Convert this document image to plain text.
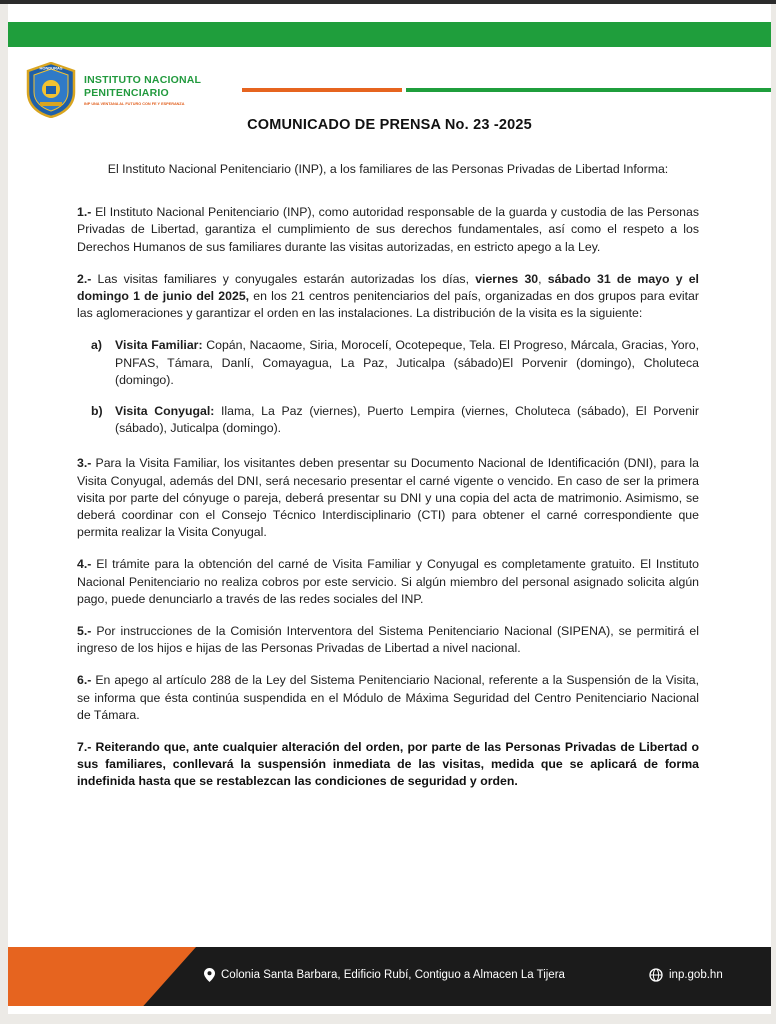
HONDURAS
INSTITUTO NACIONAL
PENITENCIARIO
INP UNA VENTANA AL FUTURO CON FE Y ESPERANZA
COMUNICADO DE PRENSA No. 23 -2025

El Instituto Nacional Penitenciario (INP), a los familiares de las Personas Privadas de Libertad Informa:

1.- El Instituto Nacional Penitenciario (INP), como autoridad responsable de la guarda y custodia de las Personas Privadas de Libertad, garantiza el cumplimiento de sus derechos fundamentales, así como el respeto a los Derechos Humanos de sus familiares durante las visitas autorizadas, en estricto apego a la Ley.

2.- Las visitas familiares y conyugales estarán autorizadas los días, viernes 30, sábado 31 de mayo y el domingo 1 de junio del 2025, en los 21 centros penitenciarios del país, organizadas en dos grupos para evitar las aglomeraciones y garantizar el orden en las instalaciones. La distribución de la visita es la siguiente:

a) Visita Familiar: Copán, Nacaome, Siria, Morocelí, Ocotepeque, Tela. El Progreso, Márcala, Gracias, Yoro, PNFAS, Támara, Danlí, Comayagua, La Paz, Juticalpa (sábado)El Porvenir (domingo), Choluteca (domingo).
b) Visita Conyugal: Ilama, La Paz (viernes), Puerto Lempira (viernes, Choluteca (sábado), El Porvenir (sábado), Juticalpa (domingo).

3.- Para la Visita Familiar, los visitantes deben presentar su Documento Nacional de Identificación (DNI), para la Visita Conyugal, además del DNI, será necesario presentar el carné vigente o vencido. En caso de ser la primera visita por parte del cónyuge o pareja, deberá presentar su DNI y una copia del acta de matrimonio. Asimismo, se deberá coordinar con el Consejo Técnico Interdisciplinario (CTI) para obtener el carné correspondiente que permita realizar la Visita Conyugal.

4.- El trámite para la obtención del carné de Visita Familiar y Conyugal es completamente gratuito. El Instituto Nacional Penitenciario no realiza cobros por este servicio. Si algún miembro del personal asignado solicita algún pago, puede denunciarlo a través de las redes sociales del INP.

5.- Por instrucciones de la Comisión Interventora del Sistema Penitenciario Nacional (SIPENA), se permitirá el ingreso de los hijos e hijas de las Personas Privadas de Libertad a nivel nacional.

6.- En apego al artículo 288 de la Ley del Sistema Penitenciario Nacional, referente a la Suspensión de la Visita, se informa que ésta continúa suspendida en el Módulo de Máxima Seguridad del Centro Penitenciario Nacional de Támara.

7.- Reiterando que, ante cualquier alteración del orden, por parte de las Personas Privadas de Libertad o sus familiares, conllevará la suspensión inmediata de las visitas, medida que se aplicará de forma indefinida hasta que se restablezcan las condiciones de seguridad y orden.

Colonia Santa Barbara, Edificio Rubí, Contiguo a Almacen La Tijera	inp.gob.hn
